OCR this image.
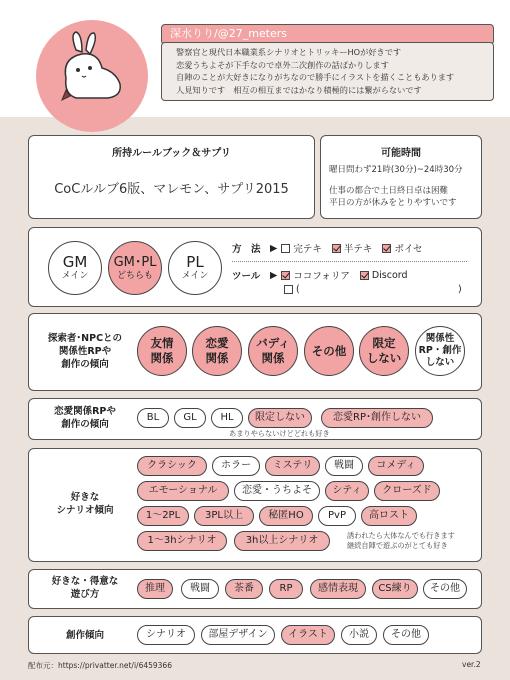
深水りり/@27_meters
警察官と現代日本職業系シナリオとトリッキーHOが好きです
恋愛うちよそが下手なので卓外二次創作の話ばかりします
自陣のことが大好きになりがちなので勝手にイラストを描くこともあります
人見知りです　相互の相互まではかなり積極的には繋がらないです
所持ルールブック＆サプリ
CoCルルブ6版、マレモン、サプリ2015
可能時間
曜日問わず21時(30分)~24時30分
仕事の都合で土日終日卓は困難
平日の方が休みをとりやすいです
GM
メイン
GM･PL
どちらも
PL
メイン
方　法 ▶ 完テキ 半テキ ボイセ
ツール	▶ ココフォリア Discord
(	)
探索者･NPCとの
関係性RPや
創作の傾向
友情
関係
恋愛
関係
バディ
関係
その他
限定
しない
関係性
RP・創作
しない
恋愛関係RPや
創作の傾向
BL	GL	HL	限定しない	恋愛RP･創作しない
あまりやらないけどどれも好き
好きな
シナリオ傾向
クラシック	ホラー	ミステリ	戦闘	コメディ
エモーショナル	恋愛・うちよそ	シティ	クローズド
1〜2PL	3PL以上	秘匿HO	PvP	高ロスト
1〜3hシナリオ	3h以上シナリオ	誘われたら大体なんでも行きます
継続自陣で遊ぶのがとても好き
好きな・得意な
遊び方
推理	戦闘	茶番	RP	感情表現	CS練り	その他
創作傾向	シナリオ	部屋デザイン	イラスト	小説	その他
配布元：https://privatter.net/i/6459366	ver.2
